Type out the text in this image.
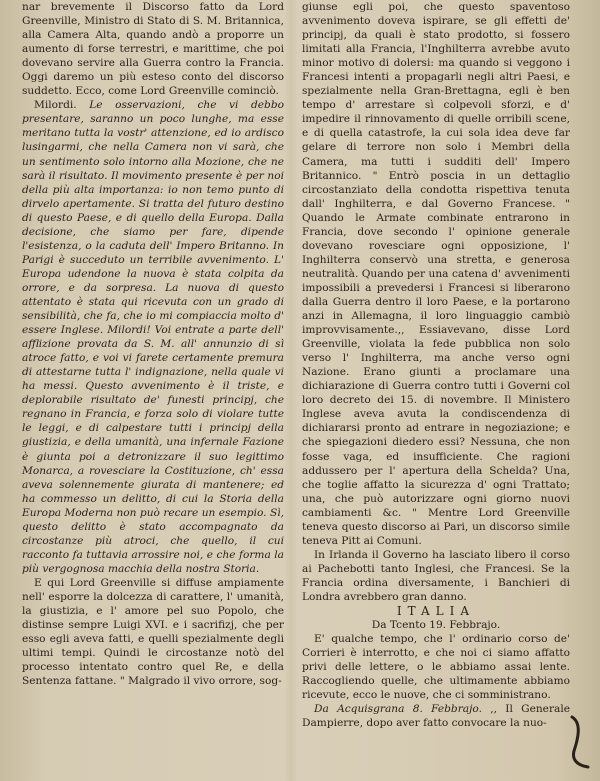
nar brevemente il Discorso fatto da Lord Greenville, Ministro di Stato di S. M. Britannica, alla Camera Alta, quando andò a proporre un aumento di forse terrestri, e marittime, che poi dovevano servire alla Guerra contro la Francia. Oggi daremo un più esteso conto del discorso suddetto. Ecco, come Lord Greenville cominciò.

Milordi. Le osservazioni, che vi debbo presentare, saranno un poco lunghe, ma esse meritano tutta la vostr' attenzione, ed io ardisco lusingarmi, che nella Camera non vi sarà, che un sentimento solo intorno alla Mozione, che ne sarà il risultato. Il movimento presente è per noi della più alta importanza: io non temo punto di dirvelo apertamente. Si tratta del futuro destino di questo Paese, e di quello della Europa. Dalla decisione, che siamo per fare, dipende l'esistenza, o la caduta dell' Impero Britanno. In Parigi è succeduto un terribile avvenimento. L' Europa udendone la nuova è stata colpita da orrore, e da sorpresa. La nuova di questo attentato è stata qui ricevuta con un grado di sensibilità, che fa, che io mi compiaccia molto d' essere Inglese. Milordi! Voi entrate a parte dell' afflizione provata da S. M. all' annunzio di sì atroce fatto, e voi vi farete certamente premura di attestarne tutta l' indignazione, nella quale vi ha messi. Questo avvenimento è il triste, e deplorabile risultato de' funesti principj, che regnano in Francia, e forza solo di violare tutte le leggi, e di calpestare tutti i principj della giustizia, e della umanità, una infernale Fazione è giunta poi a detronizzare il suo legittimo Monarca, a rovesciare la Costituzione, ch' essa aveva solennemente giurata di mantenere; ed ha commesso un delitto, di cui la Storia della Europa Moderna non può recare un esempio. Sì, questo delitto è stato accompagnato da circostanze più atroci, che quello, il cui racconto fa tuttavia arrossire noi, e che forma la più vergognosa macchia della nostra Storia.

E qui Lord Greenville si diffuse ampiamente nell' esporre la dolcezza di carattere, l' umanità, la giustizia, e l' amore pel suo Popolo, che distinse sempre Luigi XVI. e i sacrifizj, che per esso egli aveva fatti, e quelli spezialmente degli ultimi tempi. Quindi le circostanze notò del processo intentato contro quel Re, e della Sentenza fattane. " Malgrado il vivo orrore, sog-

giunse egli poi, che questo spaventoso avvenimento doveva ispirare, se gli effetti de' principj, da quali è stato prodotto, si fossero limitati alla Francia, l'Inghilterra avrebbe avuto minor motivo di dolersi: ma quando si veggono i Francesi intenti a propagarli negli altri Paesi, e spezialmente nella Gran-Brettagna, egli è ben tempo d' arrestare sì colpevoli sforzi, e d' impedire il rinnovamento di quelle orribili scene, e di quella catastrofe, la cui sola idea deve far gelare di terrore non solo i Membri della Camera, ma tutti i sudditi dell' Impero Britannico. " Entrò poscia in un dettaglio circostanziato della condotta rispettiva tenuta dall' Inghilterra, e dal Governo Francese. " Quando le Armate combinate entrarono in Francia, dove secondo l' opinione generale dovevano rovesciare ogni opposizione, l' Inghilterra conservò una stretta, e generosa neutralità. Quando per una catena d' avvenimenti impossibili a prevedersi i Francesi si liberarono dalla Guerra dentro il loro Paese, e la portarono anzi in Allemagna, il loro linguaggio cambiò improvvisamente.,, Essiavevano, disse Lord Greenville, violata la fede pubblica non solo verso l' Inghilterra, ma anche verso ogni Nazione. Erano giunti a proclamare una dichiarazione di Guerra contro tutti i Governi col loro decreto dei 15. di novembre. Il Ministero Inglese aveva avuta la condiscendenza di dichiararsi pronto ad entrare in negoziazione; e che spiegazioni diedero essi? Nessuna, che non fosse vaga, ed insufficiente. Che ragioni addussero per l' apertura della Schelda? Una, che toglie affatto la sicurezza d' ogni Trattato; una, che può autorizzare ogni giorno nuovi cambiamenti &c. " Mentre Lord Greenville teneva questo discorso ai Pari, un discorso simile teneva Pitt ai Comuni.

In Irlanda il Governo ha lasciato libero il corso ai Pachebotti tanto Inglesi, che Francesi. Se la Francia ordina diversamente, i Banchieri di Londra avrebbero gran danno.

ITALIA

Da Tcento 19. Febbrajo.

E' qualche tempo, che l' ordinario corso de' Corrieri è interrotto, e che noi ci siamo affatto privi delle lettere, o le abbiamo assai lente. Raccogliendo quelle, che ultimamente abbiamo ricevute, ecco le nuove, che ci somministrano.

Da Acquisgrana 8. Febbrajo. ,, Il Generale Dampierre, dopo aver fatto convocare la nuo-
